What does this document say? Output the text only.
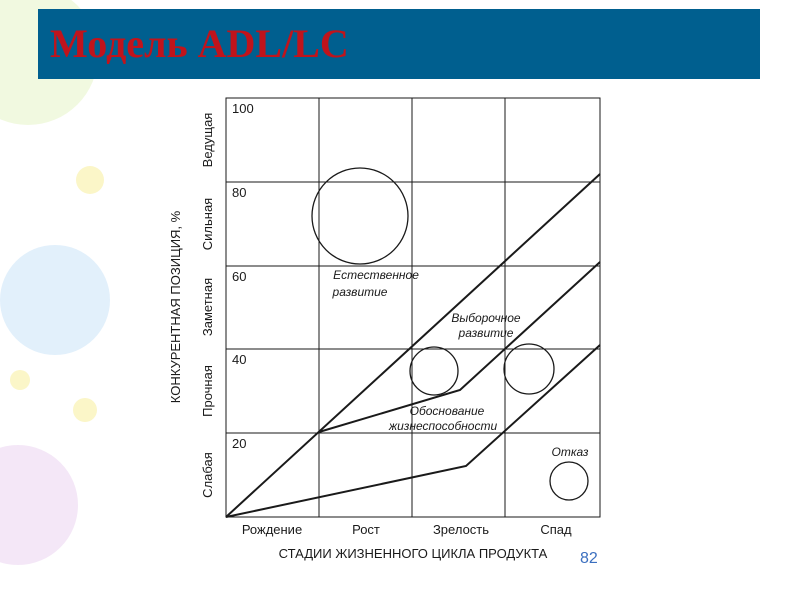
Модель ADL/LC
100
80
60
40
20
Ведущая
Сильная
Заметная
Прочная
Слабая
КОНКУРЕНТНАЯ ПОЗИЦИЯ, %
Рождение	Рост	Зрелость	Спад
СТАДИИ ЖИЗНЕННОГО ЦИКЛА ПРОДУКТА
Естественное
развитие
Выборочное
развитие
Обоснование
жизнеспособности
Отказ
82
